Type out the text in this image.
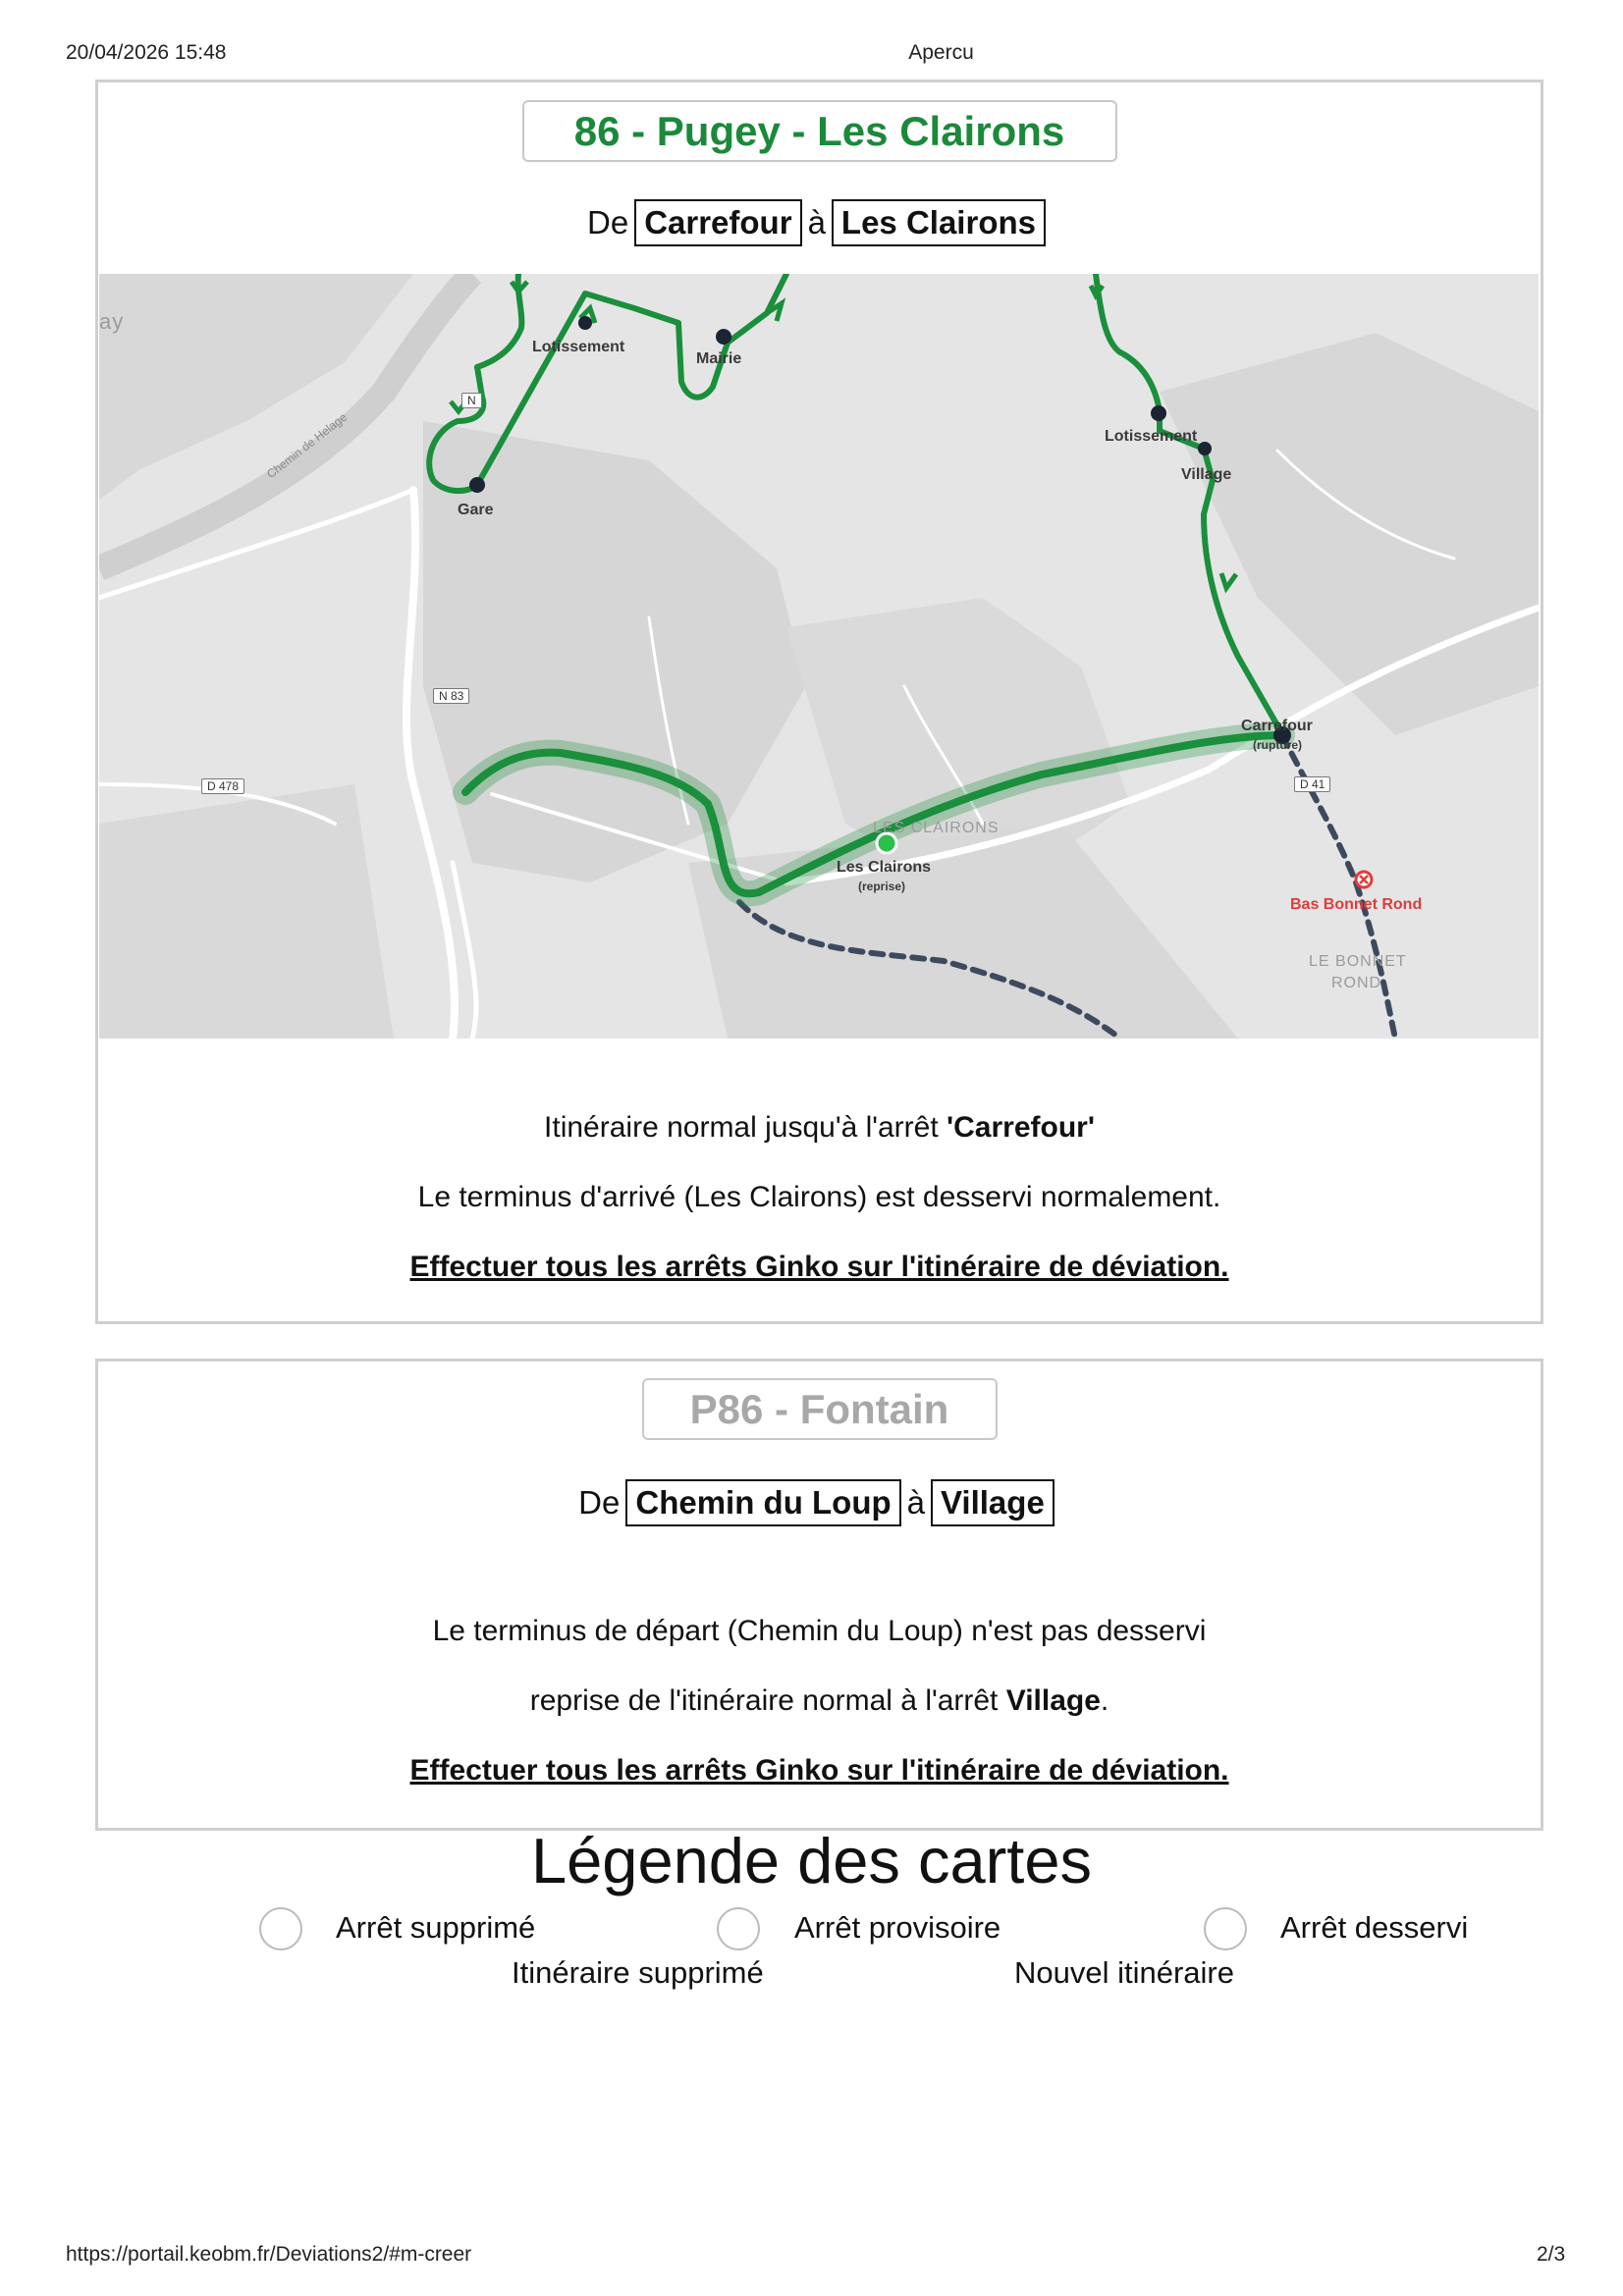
20/04/2026 15:48	Apercu
https://portail.keobm.fr/Deviations2/#m-creer	2/3
86 - Pugey - Les Clairons
De Carrefour à Les Clairons
Itinéraire normal jusqu'à l'arrêt 'Carrefour'
Le terminus d'arrivé (Les Clairons) est desservi normalement.
Effectuer tous les arrêts Ginko sur l'itinéraire de déviation.
ay
Lotissement
Mairie
Gare
Lotissement
Village
Carrefour
(rupture)
LES CLAIRONS
Les Clairons
(reprise)
Bas Bonnet Rond
LE BONNET
ROND
N 83
D 478	D 41
N
Chemin de Helage
P86 - Fontain
De Chemin du Loup à Village
Le terminus de départ (Chemin du Loup) n'est pas desservi
reprise de l'itinéraire normal à l'arrêt Village.
Effectuer tous les arrêts Ginko sur l'itinéraire de déviation.
Légende des cartes
Arrêt supprimé	Arrêt provisoire	Arrêt desservi
Itinéraire supprimé	Nouvel itinéraire
